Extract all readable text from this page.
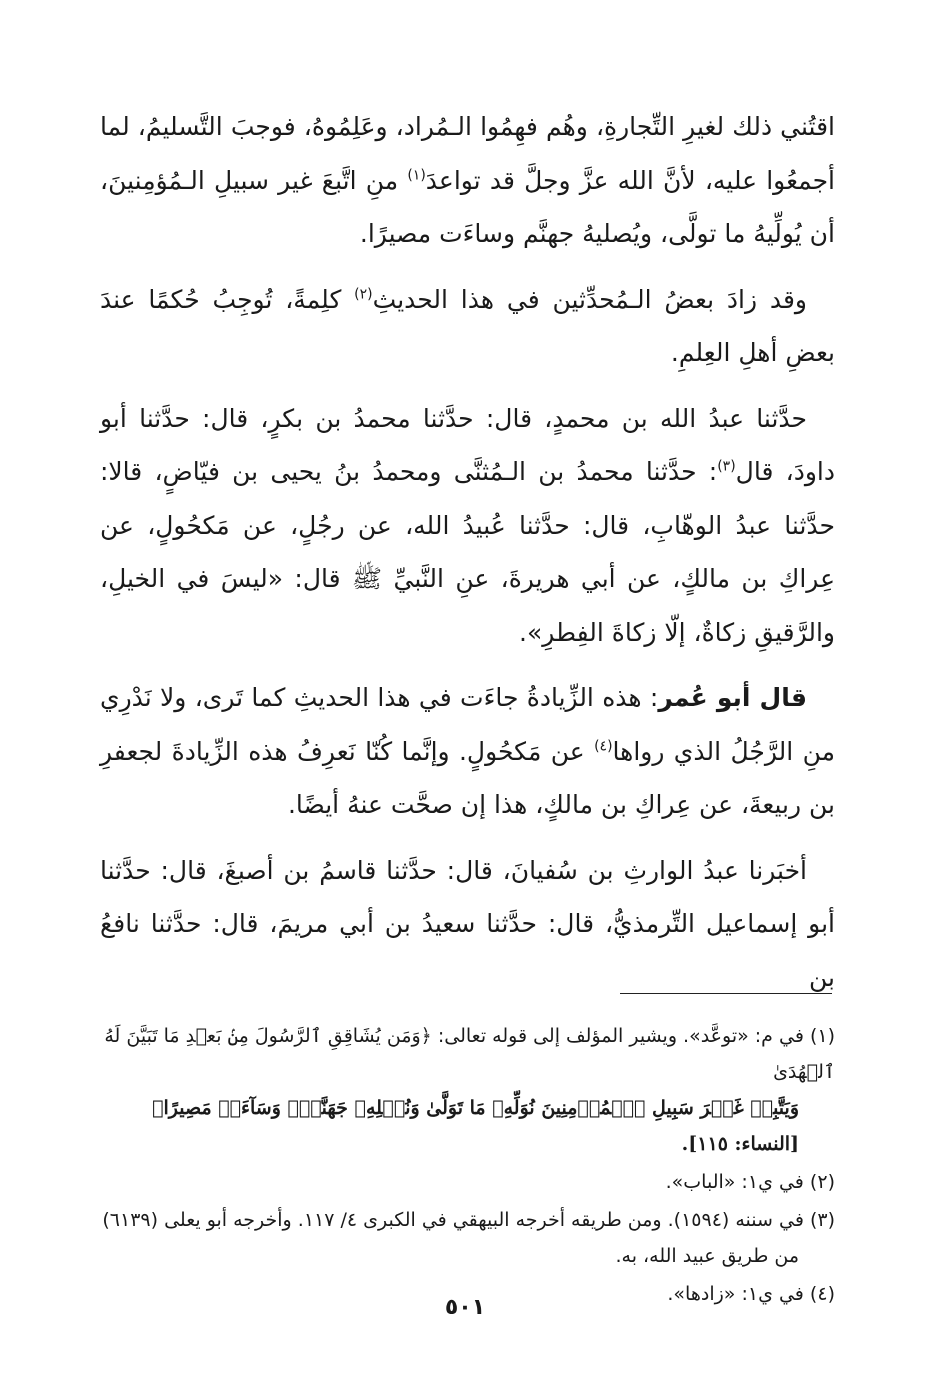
اقتُني ذلك لغيرِ التِّجارةِ، وهُم فهِمُوا الـمُراد، وعَلِمُوهُ، فوجبَ التَّسليمُ، لما أجمعُوا عليه، لأنَّ الله عزَّ وجلَّ قد تواعدَ$^{(١)}$ منِ اتَّبعَ غير سبيلِ الـمُؤمِنينَ، أن يُولِّيهُ ما تولَّى، ويُصليهُ جهنَّم وساءَت مصيرًا.

وقد زادَ بعضُ الـمُحدِّثين في هذا الحديثِ$^{(٢)}$ كلِمةً، تُوجِبُ حُكمًا عندَ بعضِ أهلِ العِلمِ.

حدَّثنا عبدُ الله بن محمدٍ، قال: حدَّثنا محمدُ بن بكرٍ، قال: حدَّثنا أبو داودَ، قال$^{(٣)}$: حدَّثنا محمدُ بن الـمُثنَّى ومحمدُ بنُ يحيى بن فيّاضٍ، قالا: حدَّثنا عبدُ الوهّابِ، قال: حدَّثنا عُبيدُ الله، عن رجُلٍ، عن مَكحُولٍ، عن عِراكِ بن مالكٍ، عن أبي هريرةَ، عنِ النَّبيِّ ﷺ قال: «ليسَ في الخيلِ، والرَّقيقِ زكاةٌ، إلّا زكاةَ الفِطرِ».

قال أبو عُمر: هذه الزِّيادةُ جاءَت في هذا الحديثِ كما تَرى، ولا نَدْرِي منِ الرَّجُلُ الذي رواها$^{(٤)}$ عن مَكحُولٍ. وإنَّما كُنّا نَعرِفُ هذه الزِّيادةَ لجعفرِ بن ربيعةَ، عن عِراكِ بن مالكٍ، هذا إن صحَّت عنهُ أيضًا.

أخبَرنا عبدُ الوارثِ بن سُفيانَ، قال: حدَّثنا قاسمُ بن أصبغَ، قال: حدَّثنا أبو إسماعيل التِّرمذيُّ، قال: حدَّثنا سعيدُ بن أبي مريمَ، قال: حدَّثنا نافعُ بن

(١) في م: «توعَّد». ويشير المؤلف إلى قوله تعالى: ﴿وَمَن يُشَاقِقِ ٱلرَّسُولَ مِنۢ بَعۡدِ مَا تَبَيَّنَ لَهُ ٱلۡهُدَىٰ
وَيَتَّبِعۡ غَيۡرَ سَبِيلِ ٱلۡمُؤۡمِنِينَ نُوَلِّهِۦ مَا تَوَلَّىٰ وَنُصۡلِهِۦ جَهَنَّمَۖ وَسَآءَتۡ مَصِيرًا﴾ [النساء: ١١٥].
(٢) في ي١: «الباب».
(٣) في سننه (١٥٩٤). ومن طريقه أخرجه البيهقي في الكبرى ٤/ ١١٧. وأخرجه أبو يعلى (٦١٣٩)
من طريق عبيد الله، به.
(٤) في ي١: «زادها».
٥٠١
